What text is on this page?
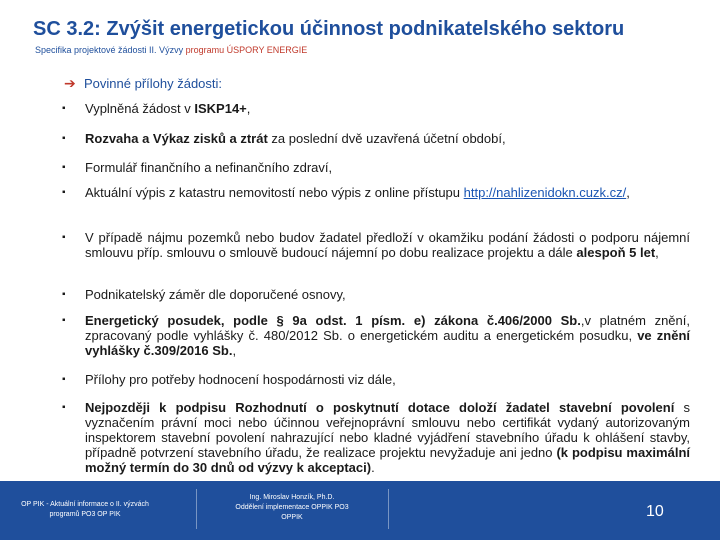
SC 3.2: Zvýšit energetickou účinnost podnikatelského sektoru
Specifika projektové žádosti II. Výzvy programu ÚSPORY ENERGIE
➔ Povinné přílohy žádosti:
▪ Vyplněná žádost v ISKP14+,
▪ Rozvaha a Výkaz zisků a ztrát za poslední dvě uzavřená účetní období,
▪ Formulář finančního a nefinančního zdraví,
▪ Aktuální výpis z katastru nemovitostí nebo výpis z online přístupu http://nahlizenidokn.cuzk.cz/,
▪ V případě nájmu pozemků nebo budov žadatel předloží v okamžiku podání žádosti o podporu nájemní smlouvu příp. smlouvu o smlouvě budoucí nájemní po dobu realizace projektu a dále alespoň 5 let,
▪ Podnikatelský záměr dle doporučené osnovy,
▪ Energetický posudek, podle § 9a odst. 1 písm. e) zákona č.406/2000 Sb.,v platném znění, zpracovaný podle vyhlášky č. 480/2012 Sb. o energetickém auditu a energetickém posudku, ve znění vyhlášky č.309/2016 Sb.,
▪ Přílohy pro potřeby hodnocení hospodárnosti viz dále,
▪ Nejpozději k podpisu Rozhodnutí o poskytnutí dotace doloží žadatel stavební povolení s vyznačením právní moci nebo účinnou veřejnoprávní smlouvu nebo certifikát vydaný autorizovaným inspektorem stavební povolení nahrazující nebo kladné vyjádření stavebního úřadu k ohlášení stavby, případně potvrzení stavebního úřadu, že realizace projektu nevyžaduje ani jedno (k podpisu maximální možný termín do 30 dnů od výzvy k akceptaci).
OP PIK - Aktuální informace o II. výzvách
programů PO3 OP PIK
Ing. Miroslav Honzík, Ph.D.
Oddělení implementace OPPIK PO3
OPPIK	10
